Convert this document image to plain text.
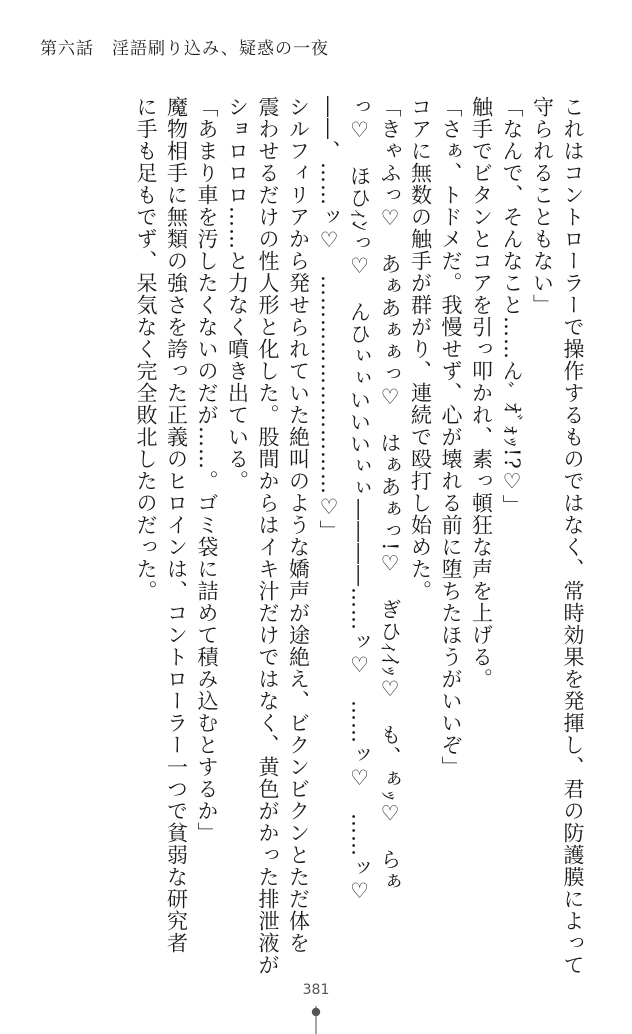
第六話　淫語刷り込み、疑惑の一夜
これはコントローラーで操作するものではなく、常時効果を発揮し、君の防護膜によって
守られることもない」
「なんで、そんなこと……んﾞｵﾞｫｯ!?♡」
触手でビタンとコアを引っ叩かれ、素っ頓狂な声を上げる。
「さぁ、トドメだ。我慢せず、心が壊れる前に堕ちたほうがいいぞ」
コアに無数の触手が群がり、連続で殴打し始めた。
「きゃふっ♡　あぁあぁぁっ♡　はぁあぁっ!♡　ぎひｨｲｯ♡　も、ぁｯ♡　らぁ
っ♡　ほひｨﾝっ♡　んひぃぃいいいぃぃ――――……ッ♡　……ッ♡　……ッ♡
――、……ッ♡　…………………………♡」
シルフィリアから発せられていた絶叫のような嬌声が途絶え、ビクンビクンとただ体を
震わせるだけの性人形と化した。股間からはイキ汁だけではなく、黄色がかった排泄液が
ショロロロ……と力なく噴き出ている。
「あまり車を汚したくないのだが……。ゴミ袋に詰めて積み込むとするか」
魔物相手に無類の強さを誇った正義のヒロインは、コントローラー一つで貧弱な研究者
に手も足もでず、呆気なく完全敗北したのだった。
381
